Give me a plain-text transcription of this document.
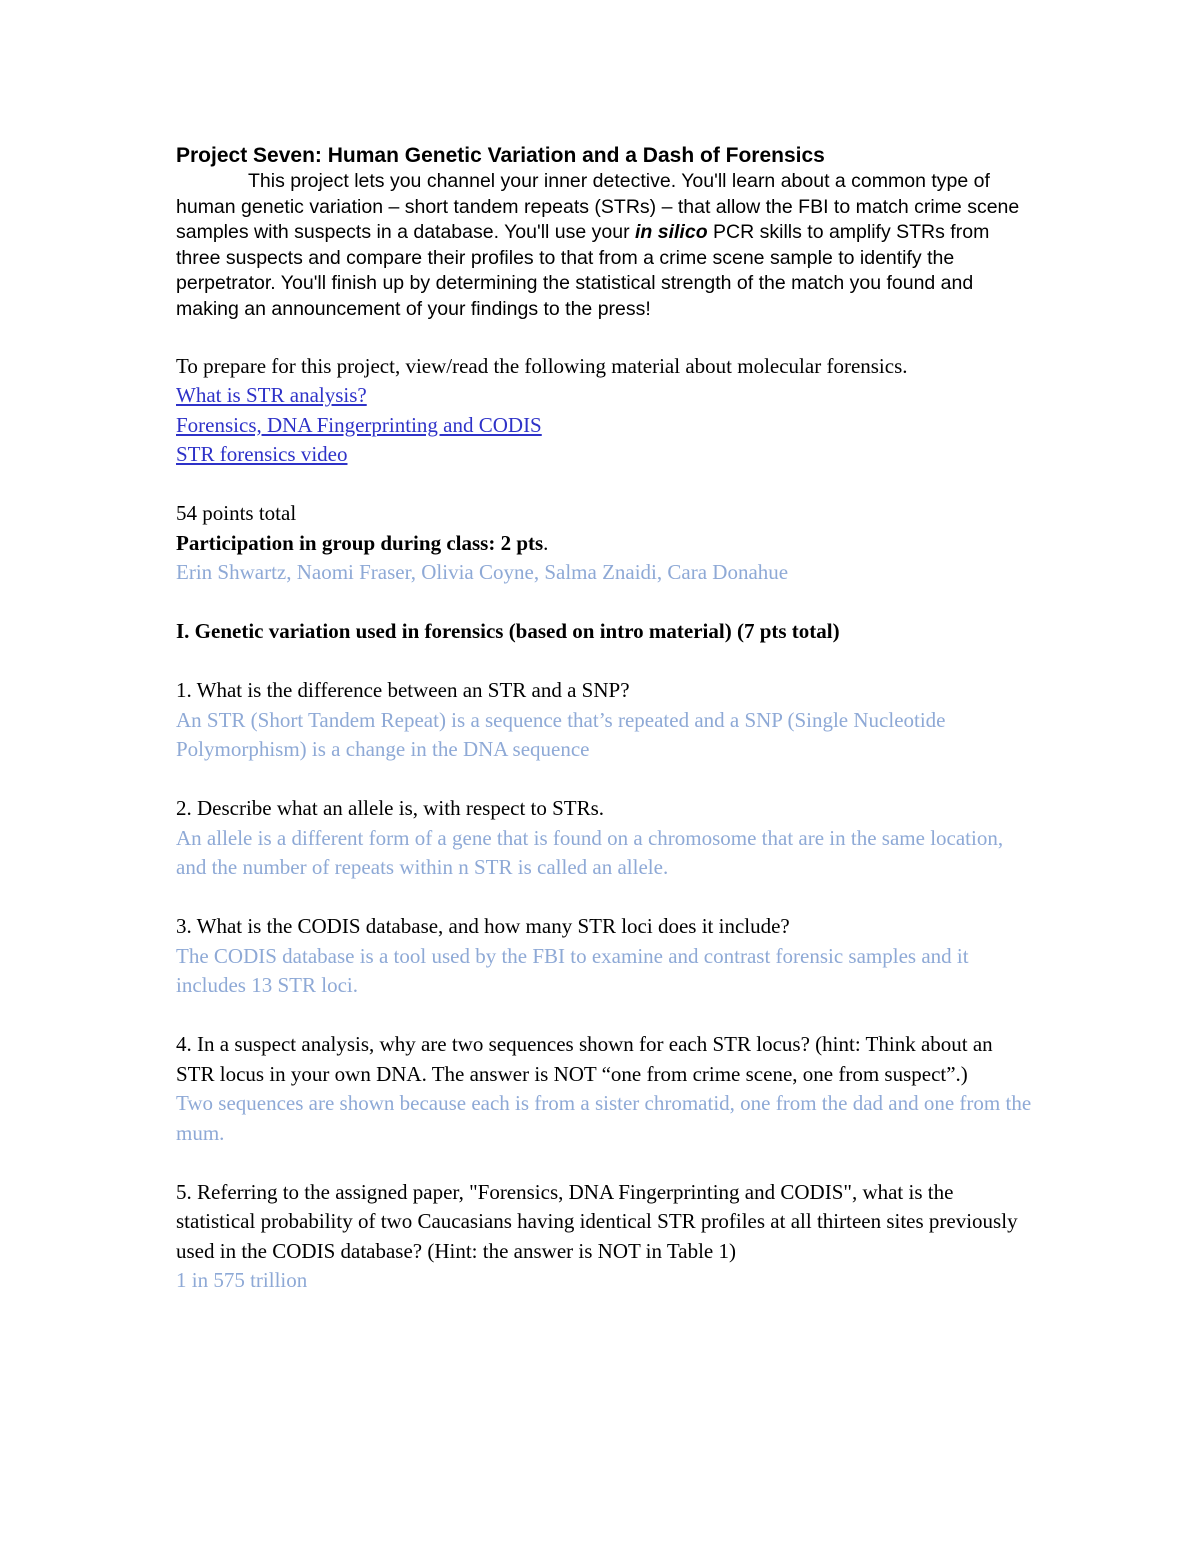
Project Seven: Human Genetic Variation and a Dash of Forensics

This project lets you channel your inner detective. You'll learn about a common type of human genetic variation – short tandem repeats (STRs) – that allow the FBI to match crime scene samples with suspects in a database. You'll use your in silico PCR skills to amplify STRs from three suspects and compare their profiles to that from a crime scene sample to identify the perpetrator. You'll finish up by determining the statistical strength of the match you found and making an announcement of your findings to the press!

To prepare for this project, view/read the following material about molecular forensics.

What is STR analysis?
Forensics, DNA Fingerprinting and CODIS
STR forensics video

54 points total

Participation in group during class: 2 pts.

Erin Shwartz, Naomi Fraser, Olivia Coyne, Salma Znaidi, Cara Donahue

I. Genetic variation used in forensics (based on intro material) (7 pts total)

1. What is the difference between an STR and a SNP?

An STR (Short Tandem Repeat) is a sequence that’s repeated and a SNP (Single Nucleotide Polymorphism) is a change in the DNA sequence

2. Describe what an allele is, with respect to STRs.

An allele is a different form of a gene that is found on a chromosome that are in the same location, and the number of repeats within n STR is called an allele.

3. What is the CODIS database, and how many STR loci does it include?

The CODIS database is a tool used by the FBI to examine and contrast forensic samples and it includes 13 STR loci.

4. In a suspect analysis, why are two sequences shown for each STR locus? (hint: Think about an STR locus in your own DNA. The answer is NOT “one from crime scene, one from suspect”.)

Two sequences are shown because each is from a sister chromatid, one from the dad and one from the mum.

5. Referring to the assigned paper, "Forensics, DNA Fingerprinting and CODIS", what is the statistical probability of two Caucasians having identical STR profiles at all thirteen sites previously used in the CODIS database? (Hint: the answer is NOT in Table 1)

1 in 575 trillion
